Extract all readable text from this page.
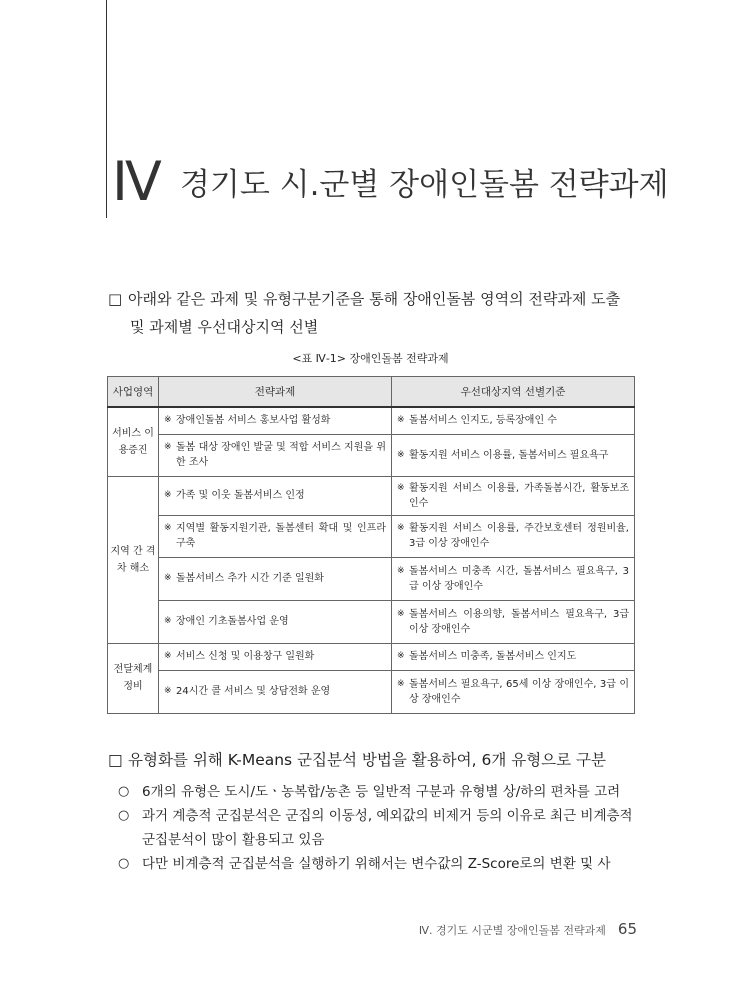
Ⅳ 경기도 시.군별 장애인돌봄 전략과제
□ 아래와 같은 과제 및 유형구분기준을 통해 장애인돌봄 영역의 전략과제 도출
및 과제별 우선대상지역 선별
<표 Ⅳ-1> 장애인돌봄 전략과제
사업영역	전략과제	우선대상지역 선별기준
서비스 이용증진	※ 장애인돌봄 서비스 홍보사업 활성화	※ 돌봄서비스 인지도, 등록장애인 수

	※ 돌봄 대상 장애인 발굴 및 적합 서비스 지원을 위한 조사	※ 활동지원 서비스 이용률, 돌봄서비스 필요욕구

지역 간 격차 해소	※ 가족 및 이웃 돌봄서비스 인정	※ 활동지원 서비스 이용률, 가족돌봄시간, 활동보조 인수

	※ 지역별 활동지원기관, 돌봄센터 확대 및 인프라 구축	※ 활동지원 서비스 이용률, 주간보호센터 정원비율, 3급 이상 장애인수

	※ 돌봄서비스 추가 시간 기준 일원화	※ 돌봄서비스 미충족 시간, 돌봄서비스 필요욕구, 3급 이상 장애인수

	※ 장애인 기초돌봄사업 운영	※ 돌봄서비스 이용의향, 돌봄서비스 필요욕구, 3급 이상 장애인수

전달체계 정비	※ 서비스 신청 및 이용창구 일원화	※ 돌봄서비스 미충족, 돌봄서비스 인지도

	※ 24시간 콜 서비스 및 상담전화 운영	※ 돌봄서비스 필요욕구, 65세 이상 장애인수, 3급 이상 장애인수
□ 유형화를 위해 K-Means 군집분석 방법을 활용하여, 6개 유형으로 구분
○ 6개의 유형은 도시/도ㆍ농복합/농촌 등 일반적 구분과 유형별 상/하의 편차를 고려
○ 과거 계층적 군집분석은 군집의 이동성, 예외값의 비제거 등의 이유로 최근 비계층적 군집분석이 많이 활용되고 있음
○ 다만 비계층적 군집분석을 실행하기 위해서는 변수값의 Z-Score로의 변환 및 사
Ⅳ. 경기도 시군별 장애인돌봄 전략과제 65
